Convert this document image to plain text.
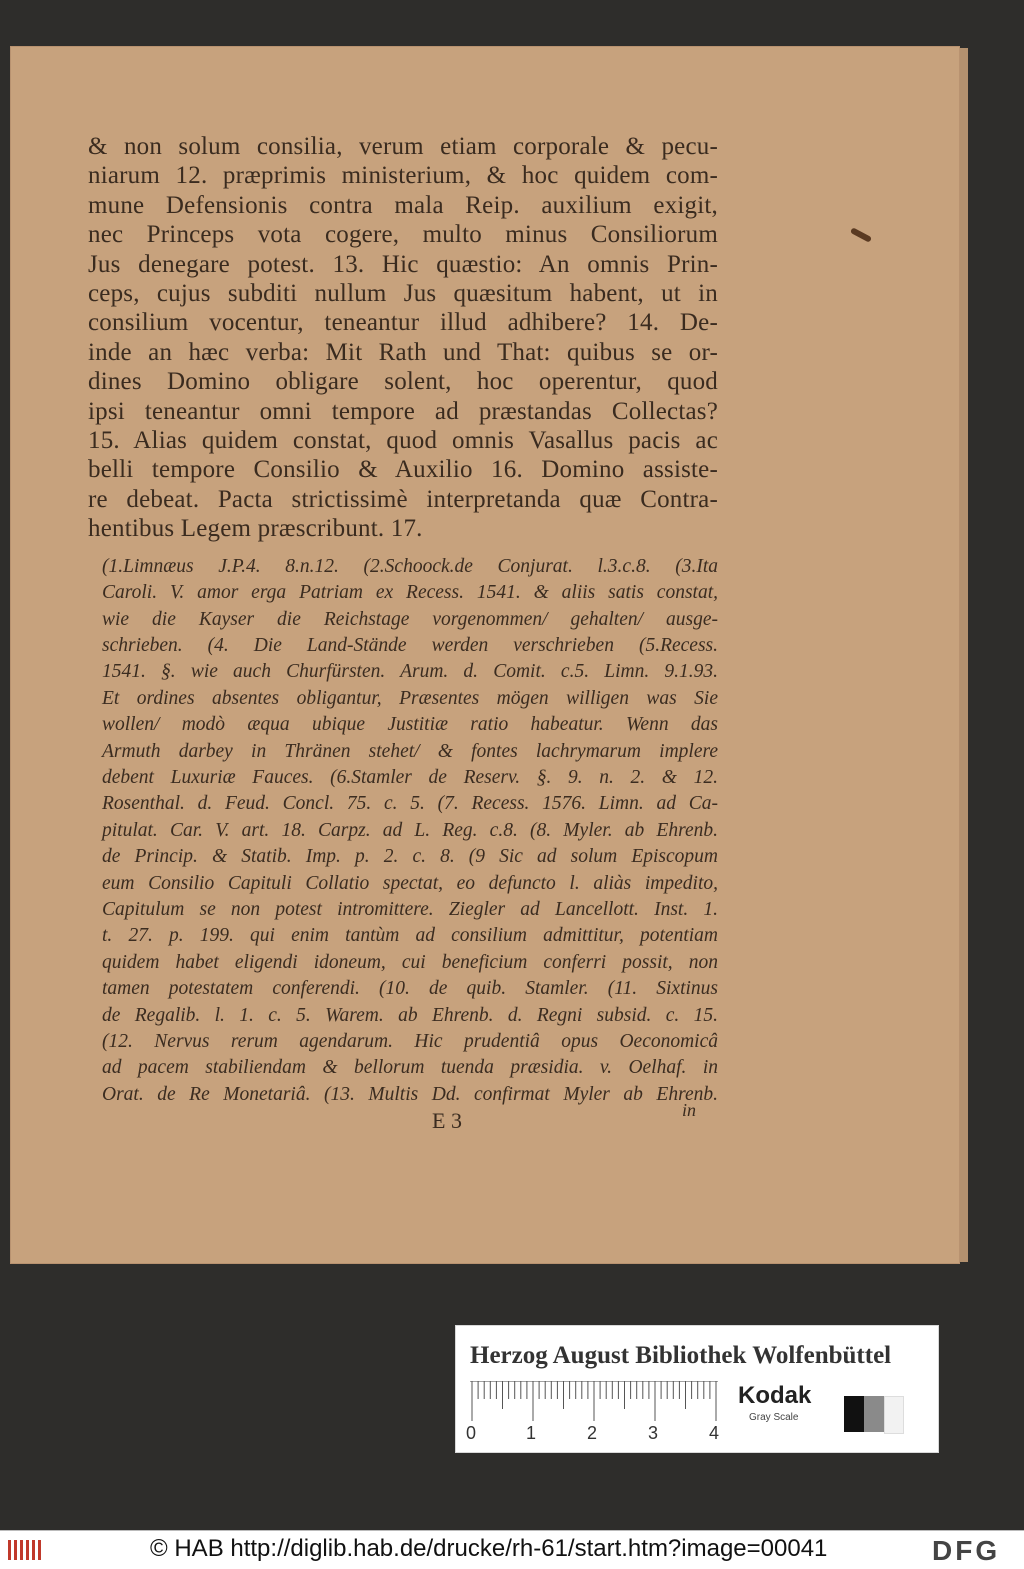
& non solum consilia, verum etiam corporale & pecu-
niarum 12. præprimis ministerium, & hoc quidem com-
mune Defensionis contra mala Reip. auxilium exigit,
nec Princeps vota cogere, multo minus Consiliorum
Jus denegare potest. 13. Hic quæstio: An omnis Prin-
ceps, cujus subditi nullum Jus quæsitum habent, ut in
consilium vocentur, teneantur illud adhibere? 14. De-
inde an hæc verba: Mit Rath und That: quibus se or-
dines Domino obligare solent, hoc operentur, quod
ipsi teneantur omni tempore ad præstandas Collectas?
15. Alias quidem constat, quod omnis Vasallus pacis ac
belli tempore Consilio & Auxilio 16. Domino assiste-
re debeat. Pacta strictissimè interpretanda quæ Contra-
hentibus Legem præscribunt. 17.
(1.Limnæus J.P.4. 8.n.12. (2.Schoock.de Conjurat. l.3.c.8. (3.Ita
Caroli. V. amor erga Patriam ex Recess. 1541. & aliis satis constat,
wie die Kayser die Reichstage vorgenommen/ gehalten/ ausge-
schrieben. (4. Die Land-Stände werden verschrieben (5.Recess.
1541. §. wie auch Churfürsten. Arum. d. Comit. c.5. Limn. 9.1.93.
Et ordines absentes obligantur, Præsentes mögen willigen was Sie
wollen/ modò æqua ubique Justitiæ ratio habeatur. Wenn das
Armuth darbey in Thränen stehet/ & fontes lachrymarum implere
debent Luxuriæ Fauces. (6.Stamler de Reserv. §. 9. n. 2. & 12.
Rosenthal. d. Feud. Concl. 75. c. 5. (7. Recess. 1576. Limn. ad Ca-
pitulat. Car. V. art. 18. Carpz. ad L. Reg. c.8. (8. Myler. ab Ehrenb.
de Princip. & Statib. Imp. p. 2. c. 8. (9 Sic ad solum Episcopum
eum Consilio Capituli Collatio spectat, eo defuncto l. aliàs impedito,
Capitulum se non potest intromittere. Ziegler ad Lancellott. Inst. 1.
t. 27. p. 199. qui enim tantùm ad consilium admittitur, potentiam
quidem habet eligendi idoneum, cui beneficium conferri possit, non
tamen potestatem conferendi. (10. de quib. Stamler. (11. Sixtinus
de Regalib. l. 1. c. 5. Warem. ab Ehrenb. d. Regni subsid. c. 15.
(12. Nervus rerum agendarum. Hic prudentiâ opus Oeconomicâ
ad pacem stabiliendam & bellorum tuenda præsidia. v. Oelhaf. in
Orat. de Re Monetariâ. (13. Multis Dd. confirmat Myler ab Ehrenb.
E 3	in
Herzog August Bibliothek Wolfenbüttel
0	1	2	3	4
Kodak
Gray Scale
© HAB http://diglib.hab.de/drucke/rh-61/start.htm?image=00041	DFG
